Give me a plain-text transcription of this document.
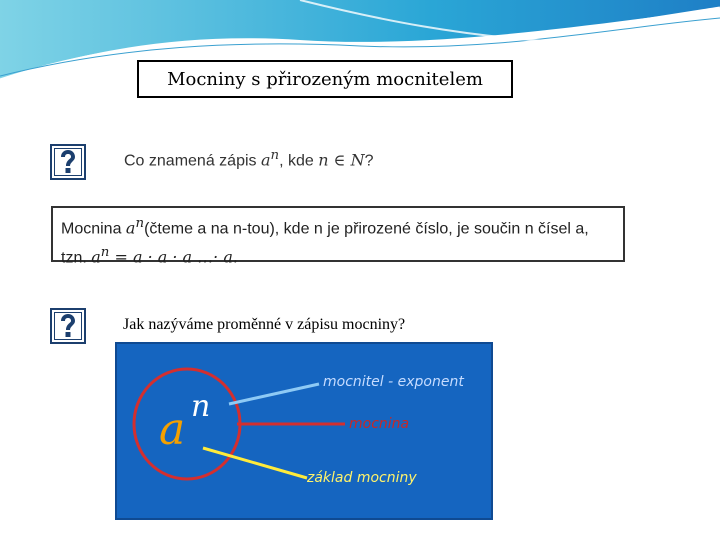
Mocniny s přirozeným mocnitelem
Co znamená zápis $a^n$, kde n ∈ N?
Mocnina $a^n(čteme$ a na n-tou), kde n je přirozené číslo, je součin n čísel a,
tzn. $a^n = a \cdot a \cdot a$ …· a.
Jak nazýváme proměnné v zápisu mocniny?
a n
mocnitel - exponent
mocnina
základ mocniny
